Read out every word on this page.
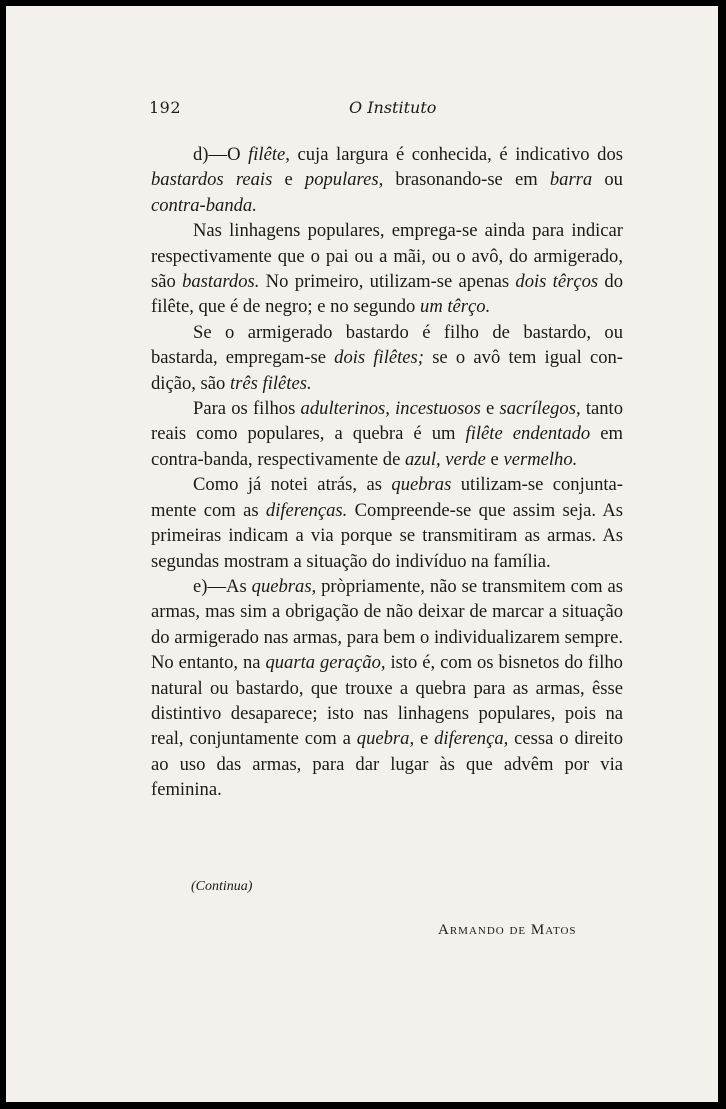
192	O Instituto

d)—O filête, cuja largura é conhecida, é indicativo dos bastardos reais e populares, brasonando-se em barra ou contra-banda.

Nas linhagens populares, emprega-se ainda para indicar respectivamente que o pai ou a mãi, ou o avô, do armigerado, são bastardos. No primeiro, utilizam-se apenas dois têrços do filête, que é de negro; e no segundo um têrço.

Se o armigerado bastardo é filho de bastardo, ou bastarda, empregam-se dois filêtes; se o avô tem igual condição, são três filêtes.

Para os filhos adulterinos, incestuosos e sacrílegos, tanto reais como populares, a quebra é um filête endentado em contra-banda, respectivamente de azul, verde e vermelho.

Como já notei atrás, as quebras utilizam-se conjuntamente com as diferenças. Compreende-se que assim seja. As primeiras indicam a via porque se transmitiram as armas. As segundas mostram a situação do indivíduo na família.

e)—As quebras, pròpriamente, não se transmitem com as armas, mas sim a obrigação de não deixar de marcar a situação do armigerado nas armas, para bem o individualizarem sempre. No entanto, na quarta geração, isto é, com os bisnetos do filho natural ou bastardo, que trouxe a quebra para as armas, êsse distintivo desaparece; isto nas linhagens populares, pois na real, conjuntamente com a quebra, e diferença, cessa o direito ao uso das armas, para dar lugar às que advêm por via feminina.

(Continua)
Armando de Matos
